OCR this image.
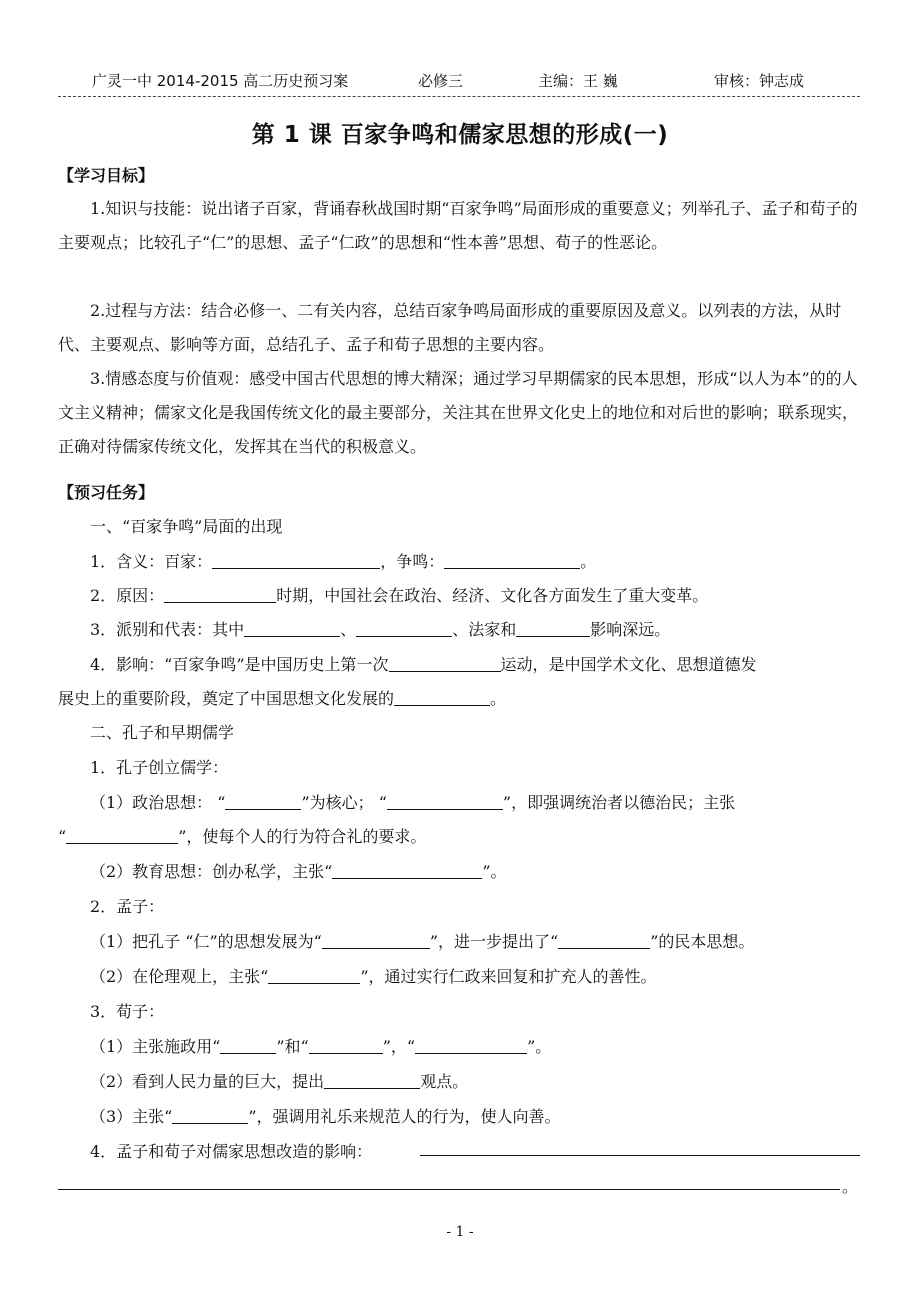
广灵一中 2014-2015 高二历史预习案	必修三	主编：王 巍	审核：钟志成
第 1 课 百家争鸣和儒家思想的形成(一)
【学习目标】
1.知识与技能：说出诸子百家，背诵春秋战国时期“百家争鸣”局面形成的重要意义；列举孔子、孟子和荀子的主要观点；比较孔子“仁”的思想、孟子“仁政”的思想和“性本善”思想、荀子的性恶论。
2.过程与方法：结合必修一、二有关内容，总结百家争鸣局面形成的重要原因及意义。以列表的方法，从时代、主要观点、影响等方面，总结孔子、孟子和荀子思想的主要内容。
3.情感态度与价值观：感受中国古代思想的博大精深；通过学习早期儒家的民本思想，形成“以人为本”的的人文主义精神；儒家文化是我国传统文化的最主要部分，关注其在世界文化史上的地位和对后世的影响；联系现实，正确对待儒家传统文化，发挥其在当代的积极意义。
【预习任务】
一、“百家争鸣”局面的出现
1．含义：百家：	，争鸣：	。
2．原因：	时期，中国社会在政治、经济、文化各方面发生了重大变革。
3．派别和代表：其中	、	、法家和	影响深远。
4．影响：“百家争鸣”是中国历史上第一次	运动，是中国学术文化、思想道德发
展史上的重要阶段，奠定了中国思想文化发展的	。
二、孔子和早期儒学
1．孔子创立儒学：
（1）政治思想： “	”为核心； “	”，即强调统治者以德治民；主张
“	”，使每个人的行为符合礼的要求。
（2）教育思想：创办私学，主张“	”。
2．孟子：
（1）把孔子 “仁”的思想发展为“	”，进一步提出了“	”的民本思想。
（2）在伦理观上，主张“	”，通过实行仁政来回复和扩充人的善性。
3．荀子：
（1）主张施政用“	”和“	”，“	”。
（2）看到人民力量的巨大，提出	观点。
（3）主张“	”，强调用礼乐来规范人的行为，使人向善。
4．孟子和荀子对儒家思想改造的影响：
。
- 1 -
